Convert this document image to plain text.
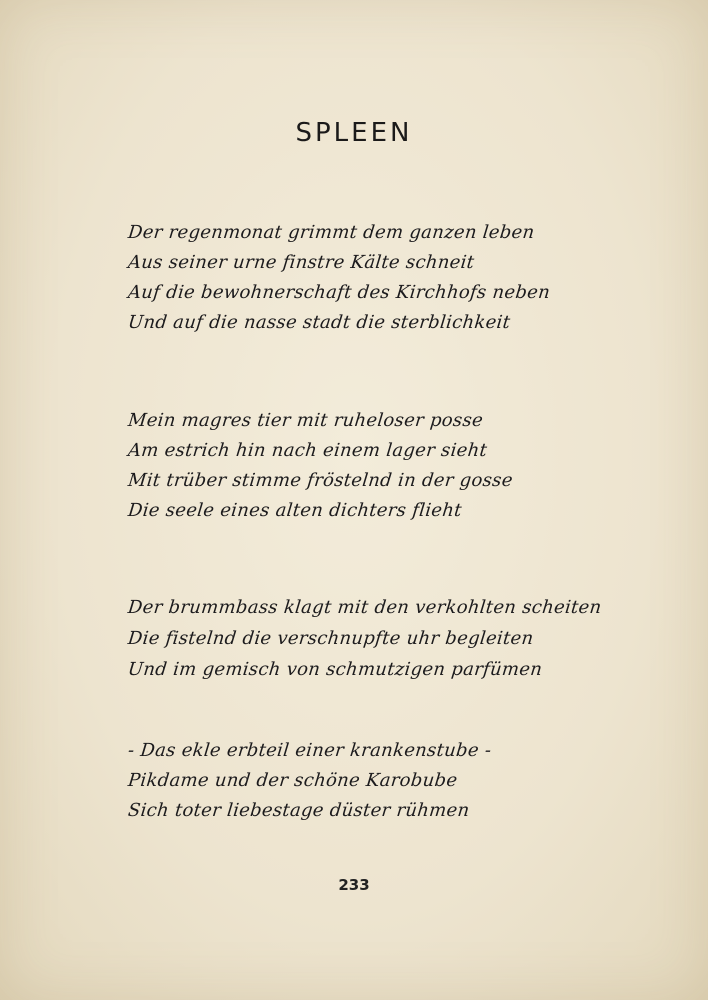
SPLEEN
Der regenmonat grimmt dem ganzen leben
Aus seiner urne finstre Kälte schneit
Auf die bewohnerschaft des Kirchhofs neben
Und auf die nasse stadt die sterblichkeit
Mein magres tier mit ruheloser posse
Am estrich hin nach einem lager sieht
Mit trüber stimme fröstelnd in der gosse
Die seele eines alten dichters flieht
Der brummbass klagt mit den verkohlten scheiten
Die fistelnd die verschnupfte uhr begleiten
Und im gemisch von schmutzigen parfümen
- Das ekle erbteil einer krankenstube -
Pikdame und der schöne Karobube
Sich toter liebestage düster rühmen
233
